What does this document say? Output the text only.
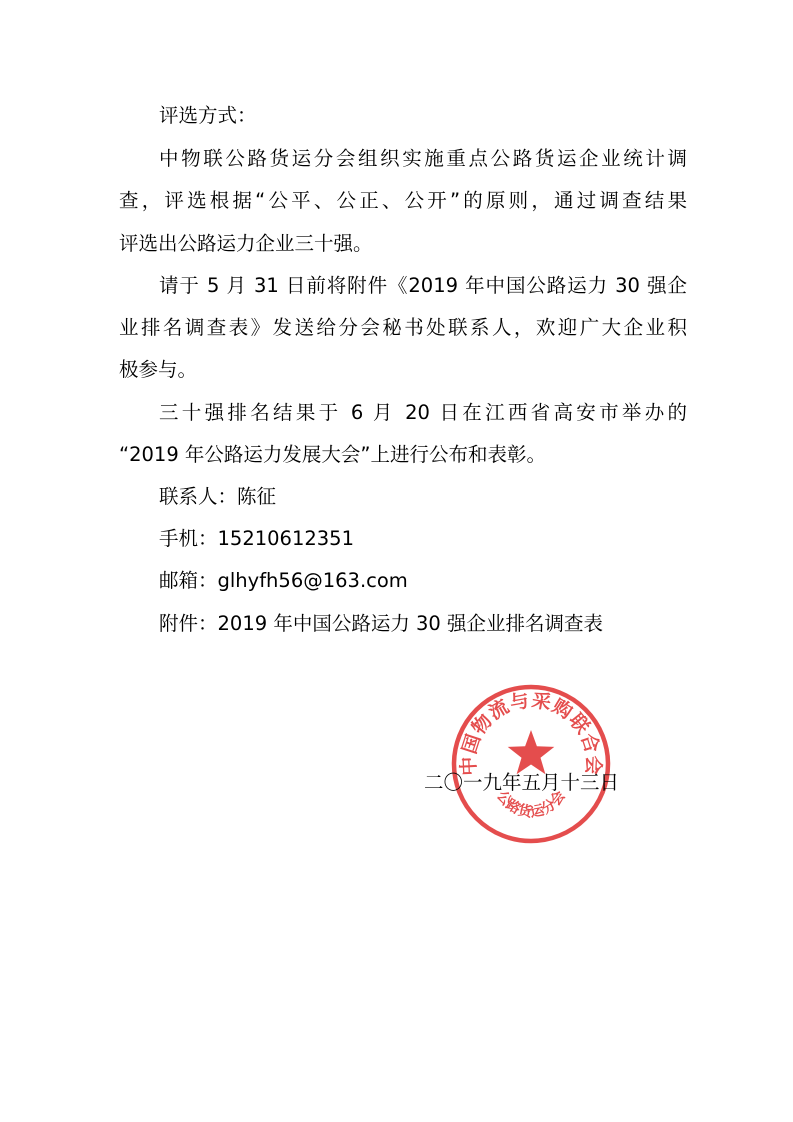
评选方式：
中物联公路货运分会组织实施重点公路货运企业统计调
查，评选根据“公平、公正、公开”的原则，通过调查结果
评选出公路运力企业三十强。
请于 5 月 31 日前将附件《2019 年中国公路运力 30 强企
业排名调查表》发送给分会秘书处联系人，欢迎广大企业积
极参与。
三十强排名结果于 6 月 20 日在江西省高安市举办的
“2019 年公路运力发展大会”上进行公布和表彰。
联系人：陈征
手机：15210612351
邮箱：glhyfh56@163.com
附件：2019 年中国公路运力 30 强企业排名调查表
中国物流与采购联合会
公路货运分会
二〇一九年五月十三日
